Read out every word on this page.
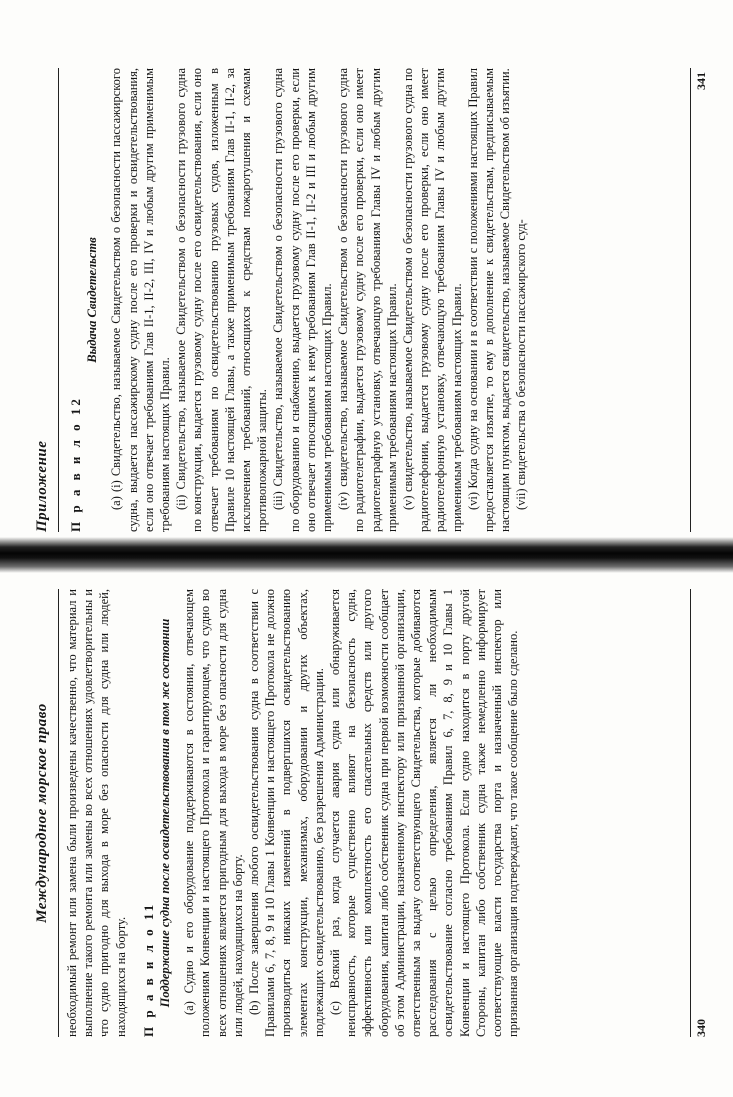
Международное морское право необходимый ремонт или замена были произведены качественно, что материал и выполнение такого ремонта или замены во всех отношениях удовлетворительны и что судно пригодно для выхода в море без опасности для судна или людей, находящихся на борту. П р а в и л о 11 Поддержание судна после освидетельствования в том же состоянии (а) Судно и его оборудование поддерживаются в состоянии, отвечающем положениям Конвенции и настоящего Протокола и гарантирующем, что судно во всех отношениях является пригодным для выхода в море без опасности для судна или людей, находящихся на борту. (b) После завершения любого освидетельствования судна в соответствии с Правилами 6, 7, 8, 9 и 10 Главы 1 Конвенции и настоящего Протокола не должно производиться никаких изменений в подвергшихся освидетельствованию элементах конструкции, механизмах, оборудовании и других объектах, подлежащих освидетельствованию, без разрешения Администрации. (с) Всякий раз, когда случается авария судна или обнаруживается неисправность, которые существенно влияют на безопасность судна, эффективность или комплектность его спасательных средств или другого оборудования, капитан либо собственник судна при первой возможности сообщает об этом Администрации, назначенному инспектору или признанной организации, ответственным за выдачу соответствующего Свидетельства, которые добиваются расследования с целью определения, является ли необходимым освидетельствование согласно требованиям Правил 6, 7, 8, 9 и 10 Главы 1 Конвенции и настоящего Протокола. Если судно находится в порту другой Стороны, капитан либо собственник судна также немедленно информирует соответствующие власти государства порта и назначенный инспектор или признанная организация подтверждают, что такое сообщение было сделано.	340
Приложение П р а в и л о 12
Выдача Свидетельств (а) (i) Свидетельство, называемое Свидетельством о безопасности пассажирского судна, выдается пассажирскому судну после его проверки и освидетельствования, если оно отвечает требованиям Глав II-1, II-2, III, IV и любым другим применимым требованиям настоящих Правил. (ii) Свидетельство, называемое Свидетельством о безопасности грузового судна по конструкции, выдается грузовому судну после его освидетельствования, если оно отвечает требованиям по освидетельствованию грузовых судов, изложенным в Правиле 10 настоящей Главы, а также применимым требованиям Глав II-1, II-2, за исключением требований, относящихся к средствам пожаротушения и схемам противопожарной защиты. (iii) Свидетельство, называемое Свидетельством о безопасности грузового судна по оборудованию и снабжению, выдается грузовому судну после его проверки, если оно отвечает относящимся к нему требованиям Глав II-1, II-2 и III и любым другим применимым требованиям настоящих Правил. (iv) свидетельство, называемое Свидетельством о безопасности грузового судна по радиотелеграфии, выдается грузовому судну после его проверки, если оно имеет радиотелеграфную установку, отвечающую требованиям Главы IV и любым другим применимым требованиям настоящих Правил. (v) свидетельство, называемое Свидетельством о безопасности грузового судна по радиотелефонии, выдается грузовому судну после его проверки, если оно имеет радиотелефонную установку, отвечающую требованиям Главы IV и любым другим применимым требованиям настоящих Правил. (vi) Когда судну на основании и в соответствии с положениями настоящих Правил предоставляется изъятие, то ему в дополнение к свидетельствам, предписываемым настоящим пунктом, выдается свидетельство, называемое Свидетельством об изъятии. (vii) свидетельства о безопасности пассажирского суд-

341
